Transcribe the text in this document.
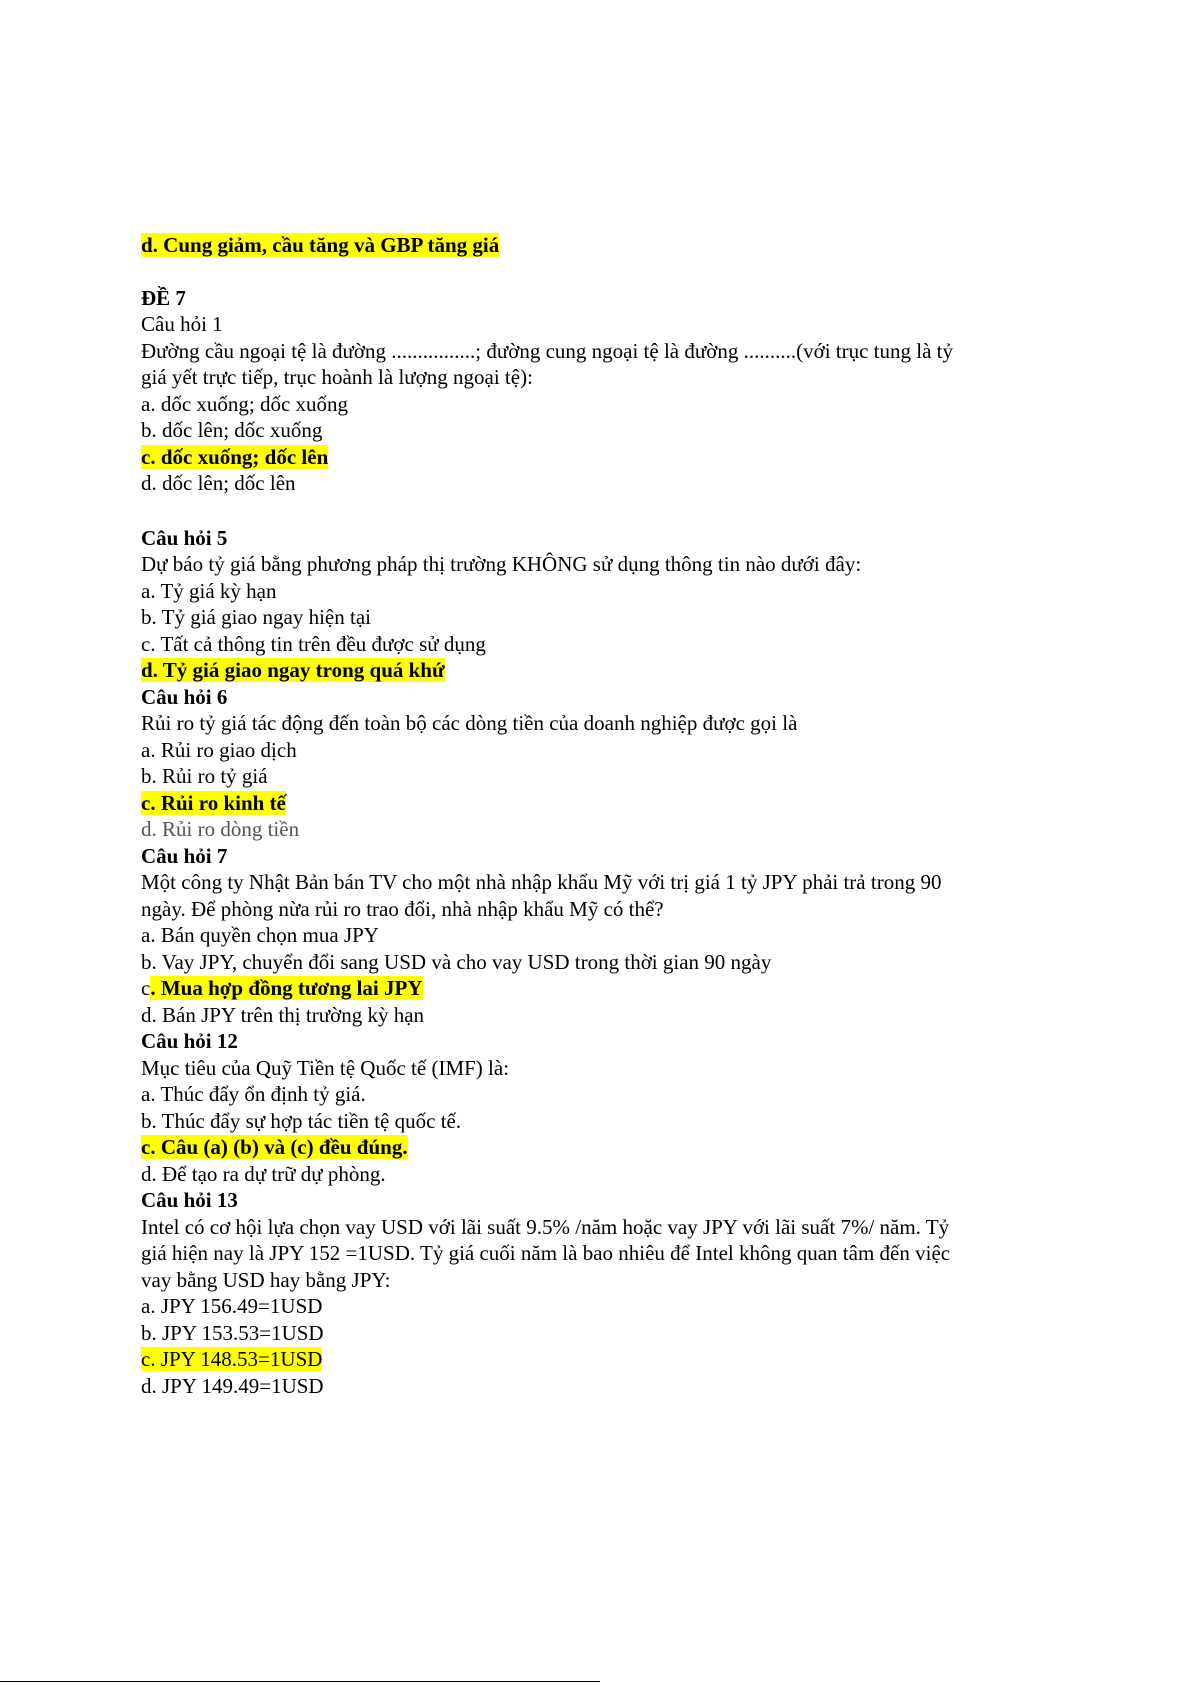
d. Cung giảm, cầu tăng và GBP tăng giá
ĐỀ 7
Câu hỏi 1
Đường cầu ngoại tệ là đường ................; đường cung ngoại tệ là đường ..........(với trục tung là tỷ
giá yết trực tiếp, trục hoành là lượng ngoại tệ):
a. dốc xuống; dốc xuống
b. dốc lên; dốc xuống
c. dốc xuống; dốc lên
d. dốc lên; dốc lên
Câu hỏi 5
Dự báo tỷ giá bằng phương pháp thị trường KHÔNG sử dụng thông tin nào dưới đây:
a. Tỷ giá kỳ hạn
b. Tỷ giá giao ngay hiện tại
c. Tất cả thông tin trên đều được sử dụng
d. Tỷ giá giao ngay trong quá khứ
Câu hỏi 6
Rủi ro tỷ giá tác động đến toàn bộ các dòng tiền của doanh nghiệp được gọi là
a. Rủi ro giao dịch
b. Rủi ro tỷ giá
c. Rủi ro kinh tế
d. Rủi ro dòng tiền
Câu hỏi 7
Một công ty Nhật Bản bán TV cho một nhà nhập khẩu Mỹ với trị giá 1 tỷ JPY phải trả trong 90
ngày. Để phòng nừa rủi ro trao đổi, nhà nhập khẩu Mỹ có thể?
a. Bán quyền chọn mua JPY
b. Vay JPY, chuyển đổi sang USD và cho vay USD trong thời gian 90 ngày
c. Mua hợp đồng tương lai JPY
d. Bán JPY trên thị trường kỳ hạn
Câu hỏi 12
Mục tiêu của Quỹ Tiền tệ Quốc tế (IMF) là:
a. Thúc đẩy ổn định tỷ giá.
b. Thúc đẩy sự hợp tác tiền tệ quốc tế.
c. Câu (a) (b) và (c) đều đúng.
d. Để tạo ra dự trữ dự phòng.
Câu hỏi 13
Intel có cơ hội lựa chọn vay USD với lãi suất 9.5% /năm hoặc vay JPY với lãi suất 7%/ năm. Tỷ
giá hiện nay là JPY 152 =1USD. Tỷ giá cuối năm là bao nhiêu để Intel không quan tâm đến việc
vay bằng USD hay bằng JPY:
a. JPY 156.49=1USD
b. JPY 153.53=1USD
c. JPY 148.53=1USD
d. JPY 149.49=1USD
